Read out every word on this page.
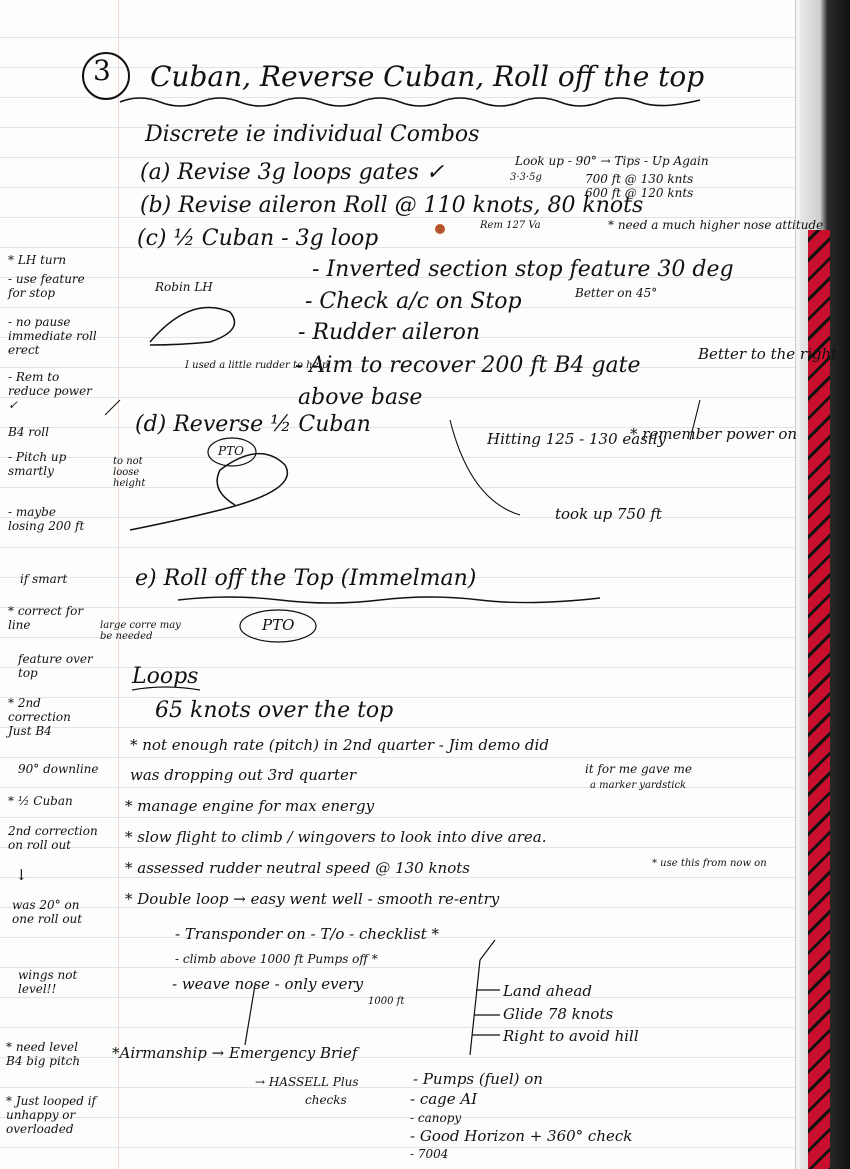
3 Cuban, Reverse Cuban, Roll off the top
Discrete ie individual Combos
(a) Revise 3g loops gates ✓	3·3·5g
Look up - 90° → Tips - Up Again
700 ft @ 130 knts
600 ft @ 120 knts
(b) Revise aileron Roll @ 110 knots, 80 knots
Rem 127 Va	* need a much higher nose attitude
(c) ½ Cuban - 3g loop
- Inverted section stop feature 30 deg
Better on 45°
- Check a/c on Stop
- Rudder aileron
- Aim to recover 200 ft B4 gate
above base
Robin LH
I used a little rudder to help
Better to the right
Hitting 125 - 130 easily
* remember power on
took up 750 ft
(d) Reverse ½ Cuban
PTO
e) Roll off the Top (Immelman)
PTO
Loops
65 knots over the top
* not enough rate (pitch) in 2nd quarter - Jim demo did
was dropping out 3rd quarter	it for me gave me
a marker yardstick
* manage engine for max energy
* slow flight to climb / wingovers to look into dive area.
* assessed rudder neutral speed @ 130 knots	* use this from now on
* Double loop → easy went well - smooth re-entry
- Transponder on - T/o - checklist *
- climb above 1000 ft Pumps off *
- weave nose - only every
1000 ft
Land ahead
Glide 78 knots
Right to avoid hill
*Airmanship → Emergency Brief
→ HASSELL Plus
checks
- Pumps (fuel) on
- cage AI
- canopy
- Good Horizon + 360° check
- 7004
* LH turn
- use feature for stop
- no pause immediate roll erect
- Rem to reduce power ✓
B4 roll
- Pitch up smartly
to not loose height
- maybe losing 200 ft
if smart
* correct for line	large corre may be needed
feature over top
* 2nd correction Just B4
90° downline
* ½ Cuban
2nd correction on roll out
↓
was 20° on one roll out
wings not level!!
* need level B4 big pitch
* Just looped if unhappy or overloaded
